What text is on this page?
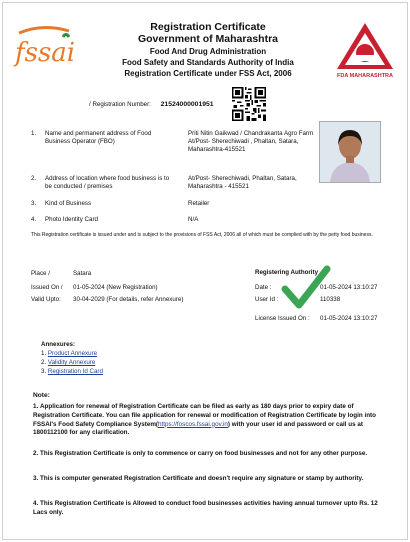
fssai
FDA MAHARASHTRA
Registration Certificate
Government of Maharashtra
Food And Drug Administration
Food Safety and Standards Authority of India
Registration Certificate under FSS Act, 2006
/ Registration Number: 21524000001951
1. Name and permanent address of Food Business Operator (FBO)
Priti Nitin Gaikwad / Chandrakanta Agro Farm At/Post- Sherechiwadi , Phaltan, Satara, Maharashtra-415521
2. Address of location where food business is to be conducted / premises
At/Post- Sherechiwadi, Phaltan, Satara, Maharashtra - 415521
3. Kind of Business	Retailer
4. Photo Identity Card	N/A
This Registration certificate is issued under and is subject to the provisions of FSS Act, 2006 all of which must be complied with by the petty food business.
Place /	Satara
Issued On / 01-05-2024 (New Registration)
Valid Upto: 30-04-2029 (For details, refer Annexure)
Registering Authority
Date :	01-05-2024 13:10:27
User Id :	110338
License Issued On : 01-05-2024 13:10:27
Annexures:
1. Product Annexure
2. Validity Annexure
3. Registration Id Card
Note:
1. Application for renewal of Registration Certificate can be filed as early as 180 days prior to expiry date of Registration Certificate. You can file application for renewal or modification of Registration Certificate by login into FSSAI's Food Safety Compliance System(https://foscos.fssai.gov.in) with your user id and password or call us at 1800112100 for any clarification.
2. This Registration Certificate is only to commence or carry on food businesses and not for any other purpose.
3. This is computer generated Registration Certificate and doesn't require any signature or stamp by authority.
4. This Registration Certificate is Allowed to conduct food businesses activities having annual turnover upto Rs. 12 Lacs only.
